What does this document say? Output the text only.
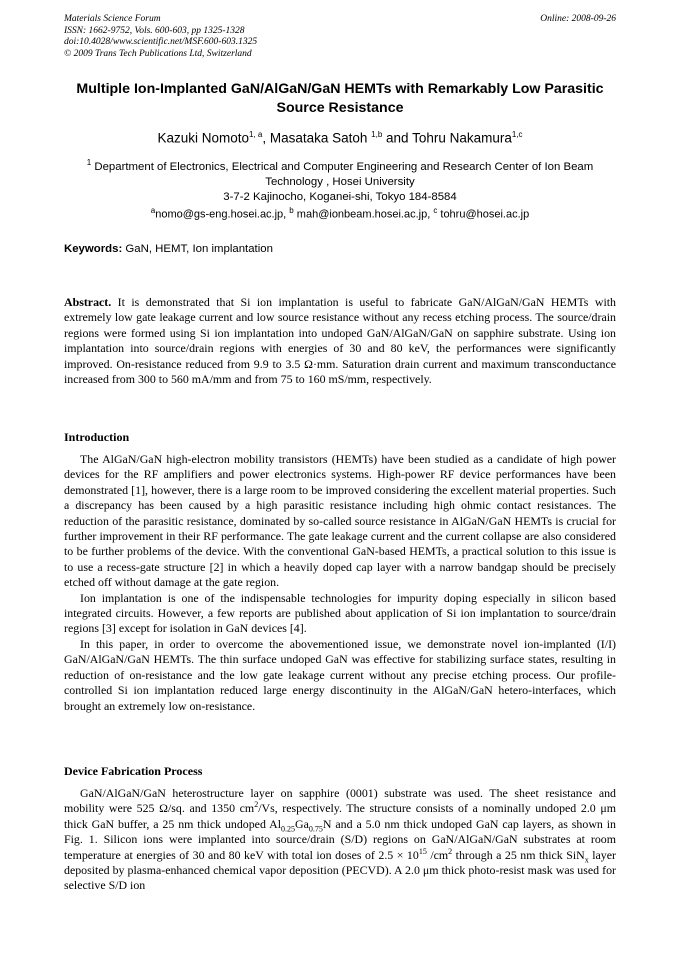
Materials Science Forum
ISSN: 1662-9752, Vols. 600-603, pp 1325-1328
doi:10.4028/www.scientific.net/MSF.600-603.1325
© 2009 Trans Tech Publications Ltd, Switzerland
Online: 2008-09-26
Multiple Ion-Implanted GaN/AlGaN/GaN HEMTs with Remarkably Low Parasitic Source Resistance
Kazuki Nomoto$^{1, a}$, Masataka Satoh $^{1,b}$ and Tohru Nakamura$^{1,c}$
$^1$ Department of Electronics, Electrical and Computer Engineering and Research Center of Ion Beam Technology , Hosei University
3-7-2 Kajinocho, Koganei-shi, Tokyo 184-8584
$^a$nomo@gs-eng.hosei.ac.jp, $^b$ mah@ionbeam.hosei.ac.jp, $^c$ tohru@hosei.ac.jp
Keywords: GaN, HEMT, Ion implantation

Abstract. It is demonstrated that Si ion implantation is useful to fabricate GaN/AlGaN/GaN HEMTs with extremely low gate leakage current and low source resistance without any recess etching process. The source/drain regions were formed using Si ion implantation into undoped GaN/AlGaN/GaN on sapphire substrate. Using ion implantation into source/drain regions with energies of 30 and 80 keV, the performances were significantly improved. On-resistance reduced from 9.9 to 3.5 Ω·mm. Saturation drain current and maximum transconductance increased from 300 to 560 mA/mm and from 75 to 160 mS/mm, respectively.

Introduction

The AlGaN/GaN high-electron mobility transistors (HEMTs) have been studied as a candidate of high power devices for the RF amplifiers and power electronics systems. High-power RF device performances have been demonstrated [1], however, there is a large room to be improved considering the excellent material properties. Such a discrepancy has been caused by a high parasitic resistance including high ohmic contact resistances. The reduction of the parasitic resistance, dominated by so-called source resistance in AlGaN/GaN HEMTs is crucial for further improvement in their RF performance. The gate leakage current and the current collapse are also considered to be further problems of the device. With the conventional GaN-based HEMTs, a practical solution to this issue is to use a recess-gate structure [2] in which a heavily doped cap layer with a narrow bandgap should be precisely etched off without damage at the gate region.

Ion implantation is one of the indispensable technologies for impurity doping especially in silicon based integrated circuits. However, a few reports are published about application of Si ion implantation to source/drain regions [3] except for isolation in GaN devices [4].

In this paper, in order to overcome the abovementioned issue, we demonstrate novel ion-implanted (I/I) GaN/AlGaN/GaN HEMTs. The thin surface undoped GaN was effective for stabilizing surface states, resulting in reduction of on-resistance and the low gate leakage current without any precise etching process. Our profile-controlled Si ion implantation reduced large energy discontinuity in the AlGaN/GaN hetero-interfaces, which brought an extremely low on-resistance.

Device Fabrication Process

GaN/AlGaN/GaN heterostructure layer on sapphire (0001) substrate was used. The sheet resistance and mobility were 525 Ω/sq. and 1350 $cm^2/Vs$, respectively. The structure consists of a nominally undoped 2.0 μm thick GaN buffer, a 25 nm thick undoped $Al_{0.25}Ga_{0.75}N$ and a 5.0 nm thick undoped GaN cap layers, as shown in Fig. 1. Silicon ions were implanted into source/drain (S/D) regions on GaN/AlGaN/GaN substrates at room temperature at energies of 30 and 80 keV with total ion doses of $2.5 \times 10^{15}$ $/cm^2$ through a 25 nm thick SiN$_x$ layer deposited by plasma-enhanced chemical vapor deposition (PECVD). A 2.0 μm thick photo-resist mask was used for selective S/D ion
